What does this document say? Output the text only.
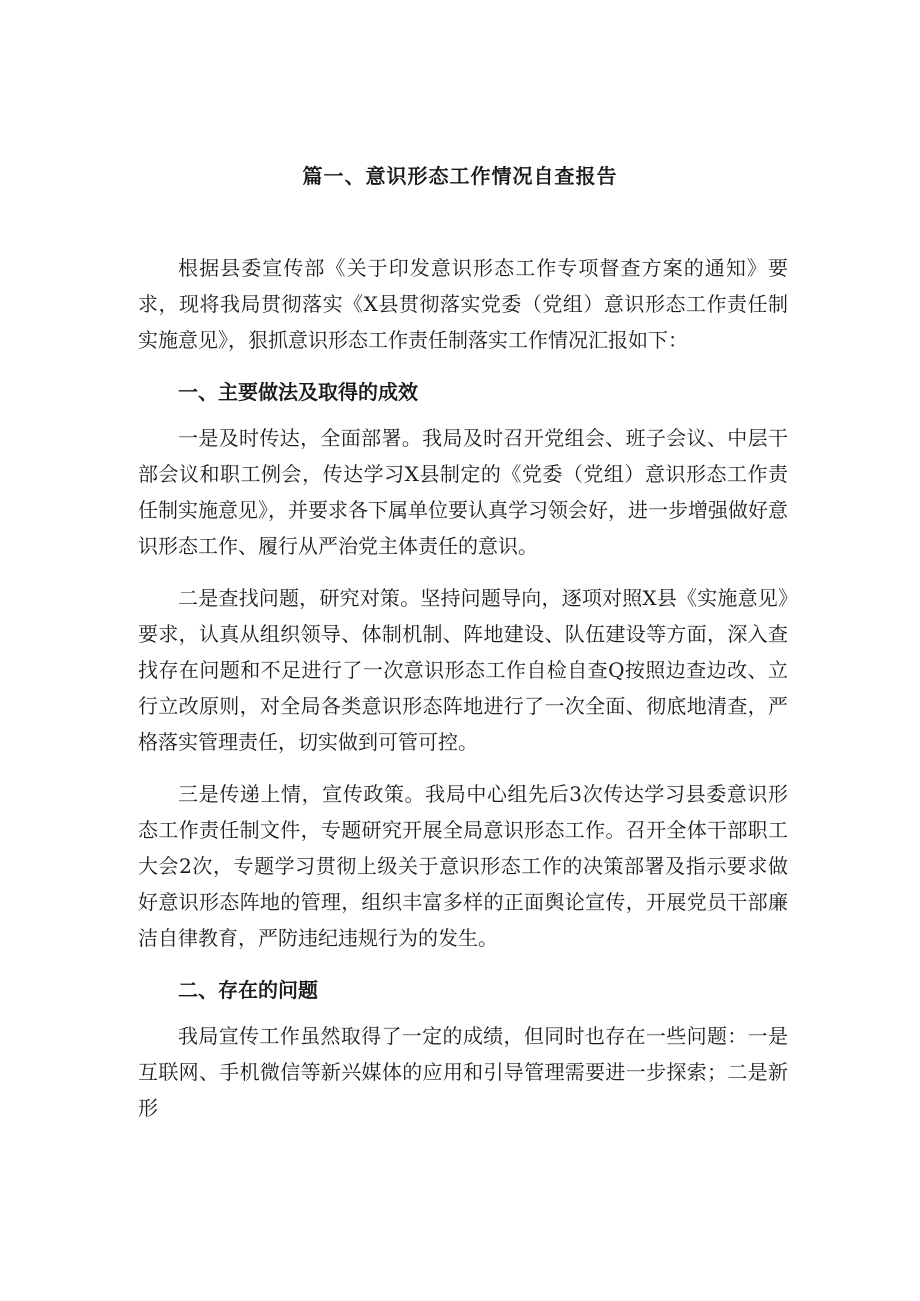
篇一、意识形态工作情况自查报告

根据县委宣传部《关于印发意识形态工作专项督查方案的通知》要求，现将我局贯彻落实《X县贯彻落实党委（党组）意识形态工作责任制实施意见》，狠抓意识形态工作责任制落实工作情况汇报如下：

一、主要做法及取得的成效

一是及时传达，全面部署。我局及时召开党组会、班子会议、中层干部会议和职工例会，传达学习X县制定的《党委（党组）意识形态工作责任制实施意见》，并要求各下属单位要认真学习领会好，进一步增强做好意识形态工作、履行从严治党主体责任的意识。

二是查找问题，研究对策。坚持问题导向，逐项对照X县《实施意见》要求，认真从组织领导、体制机制、阵地建设、队伍建设等方面，深入查找存在问题和不足进行了一次意识形态工作自检自查Q按照边查边改、立行立改原则，对全局各类意识形态阵地进行了一次全面、彻底地清查，严格落实管理责任，切实做到可管可控。

三是传递上情，宣传政策。我局中心组先后3次传达学习县委意识形态工作责任制文件，专题研究开展全局意识形态工作。召开全体干部职工大会2次，专题学习贯彻上级关于意识形态工作的决策部署及指示要求做好意识形态阵地的管理，组织丰富多样的正面舆论宣传，开展党员干部廉洁自律教育，严防违纪违规行为的发生。

二、存在的问题

我局宣传工作虽然取得了一定的成绩，但同时也存在一些问题：一是互联网、手机微信等新兴媒体的应用和引导管理需要进一步探索；二是新形
